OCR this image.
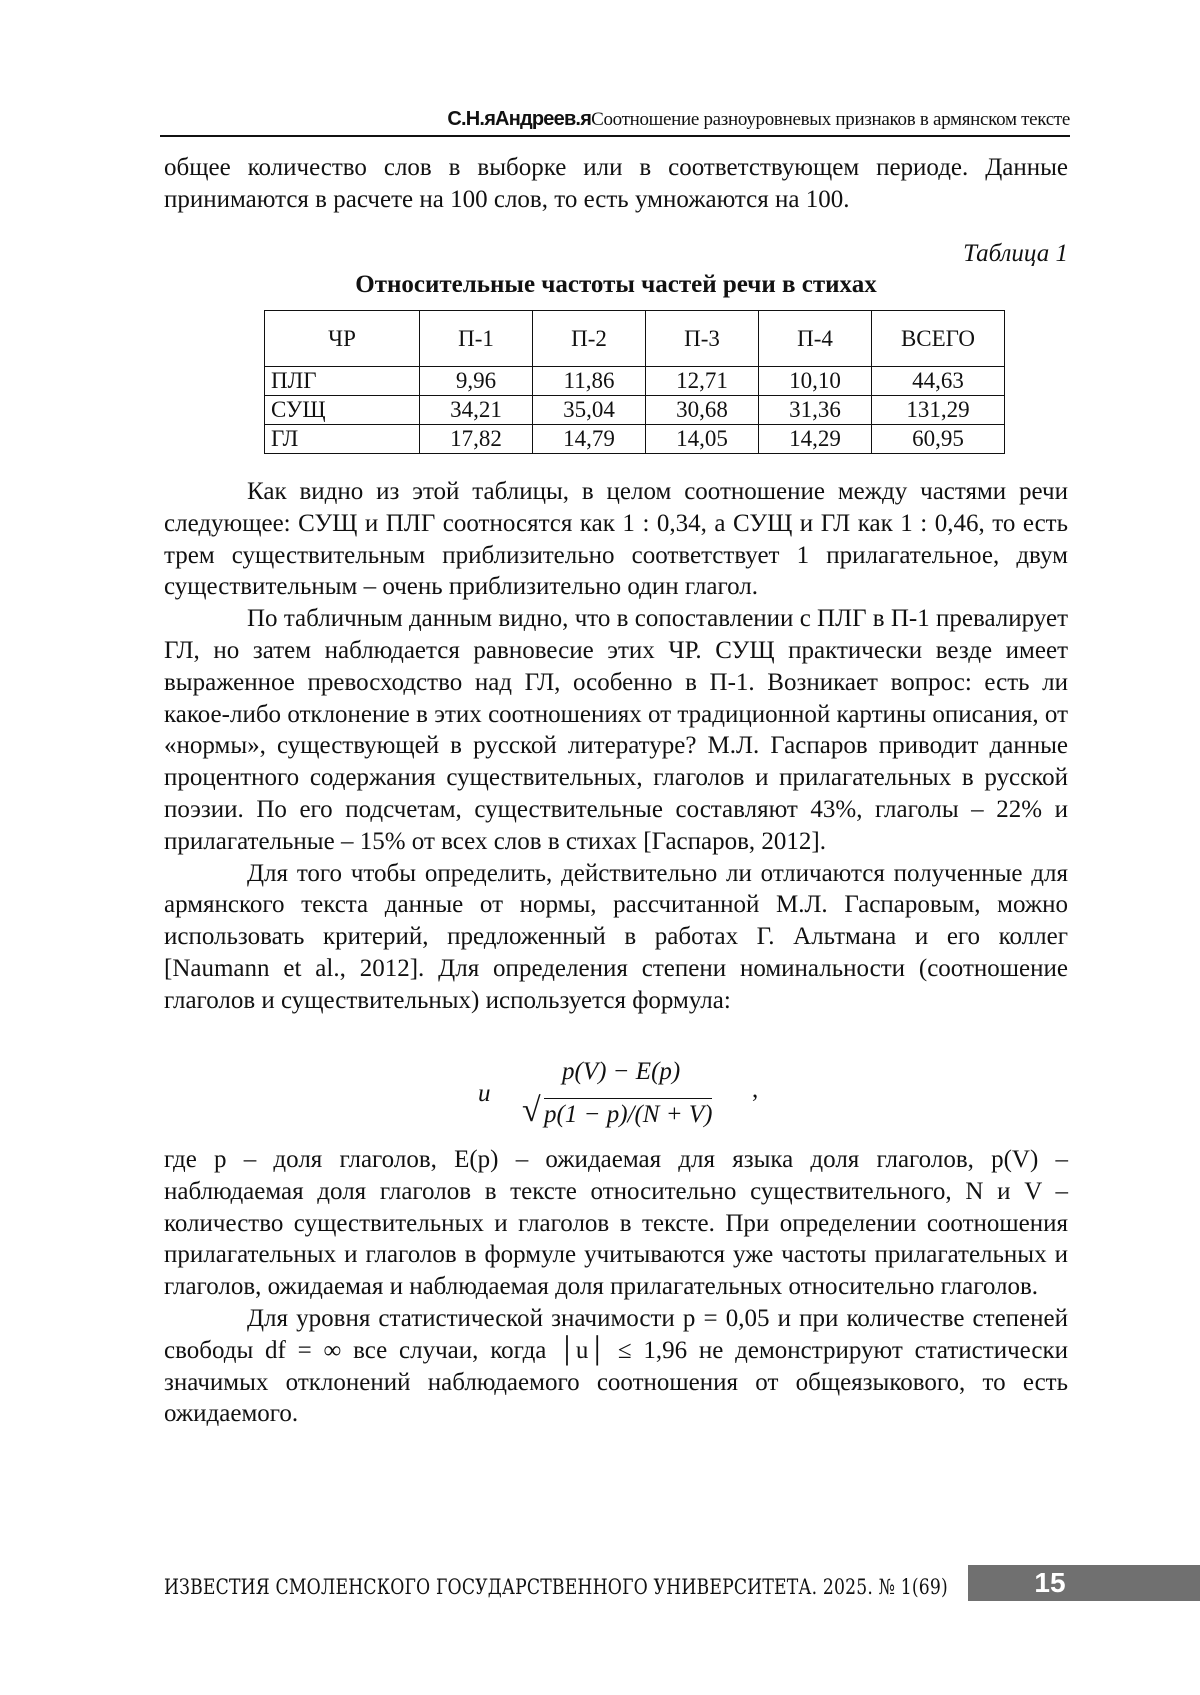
С.Н.яАндреев.яСоотношение разноуровневых признаков в армянском тексте

общее количество слов в выборке или в соответствующем периоде. Данные принимаются в расчете на 100 слов, то есть умножаются на 100.

Таблица 1
Относительные частоты частей речи в стихах
ЧР	П-1	П-2	П-3	П-4	ВСЕГО
ПЛГ	9,96	11,86	12,71	10,10	44,63
СУЩ	34,21	35,04	30,68	31,36	131,29
ГЛ	17,82	14,79	14,05	14,29	60,95

Как видно из этой таблицы, в целом соотношение между частями речи следующее: СУЩ и ПЛГ соотносятся как 1 : 0,34, а СУЩ и ГЛ как 1 : 0,46, то есть трем существительным приблизительно соответствует 1 прилагательное, двум существительным – очень приблизительно один глагол.

По табличным данным видно, что в сопоставлении с ПЛГ в П-1 превалирует ГЛ, но затем наблюдается равновесие этих ЧР. СУЩ практически везде имеет выраженное превосходство над ГЛ, особенно в П-1. Возникает вопрос: есть ли какое-либо отклонение в этих соотношениях от традиционной картины описания, от «нормы», существующей в русской литературе? М.Л. Гаспаров приводит данные процентного содержания существительных, глаголов и прилагательных в русской поэзии. По его подсчетам, существительные составляют 43%, глаголы – 22% и прилагательные – 15% от всех слов в стихах [Гаспаров, 2012].

Для того чтобы определить, действительно ли отличаются полученные для армянского текста данные от нормы, рассчитанной М.Л. Гаспаровым, можно использовать критерий, предложенный в работах Г. Альтмана и его коллег [Naumann et al., 2012]. Для определения степени номинальности (соотношение глаголов и существительных) используется формула:

u
p(V) − E(p)
√ p(1 − p)/(N + V)
,

где p – доля глаголов, E(p) – ожидаемая для языка доля глаголов, p(V) – наблюдаемая доля глаголов в тексте относительно существительного, N и V – количество существительных и глаголов в тексте. При определении соотношения прилагательных и глаголов в формуле учитываются уже частоты прилагательных и глаголов, ожидаемая и наблюдаемая доля прилагательных относительно глаголов.

Для уровня статистической значимости p = 0,05 и при количестве степеней свободы df = ∞ все случаи, когда │u│ ≤ 1,96 не демонстрируют статистически значимых отклонений наблюдаемого соотношения от общеязыкового, то есть ожидаемого.

ИЗВЕСТИЯ СМОЛЕНСКОГО ГОСУДАРСТВЕННОГО УНИВЕРСИТЕТА. 2025. № 1(69)	15
